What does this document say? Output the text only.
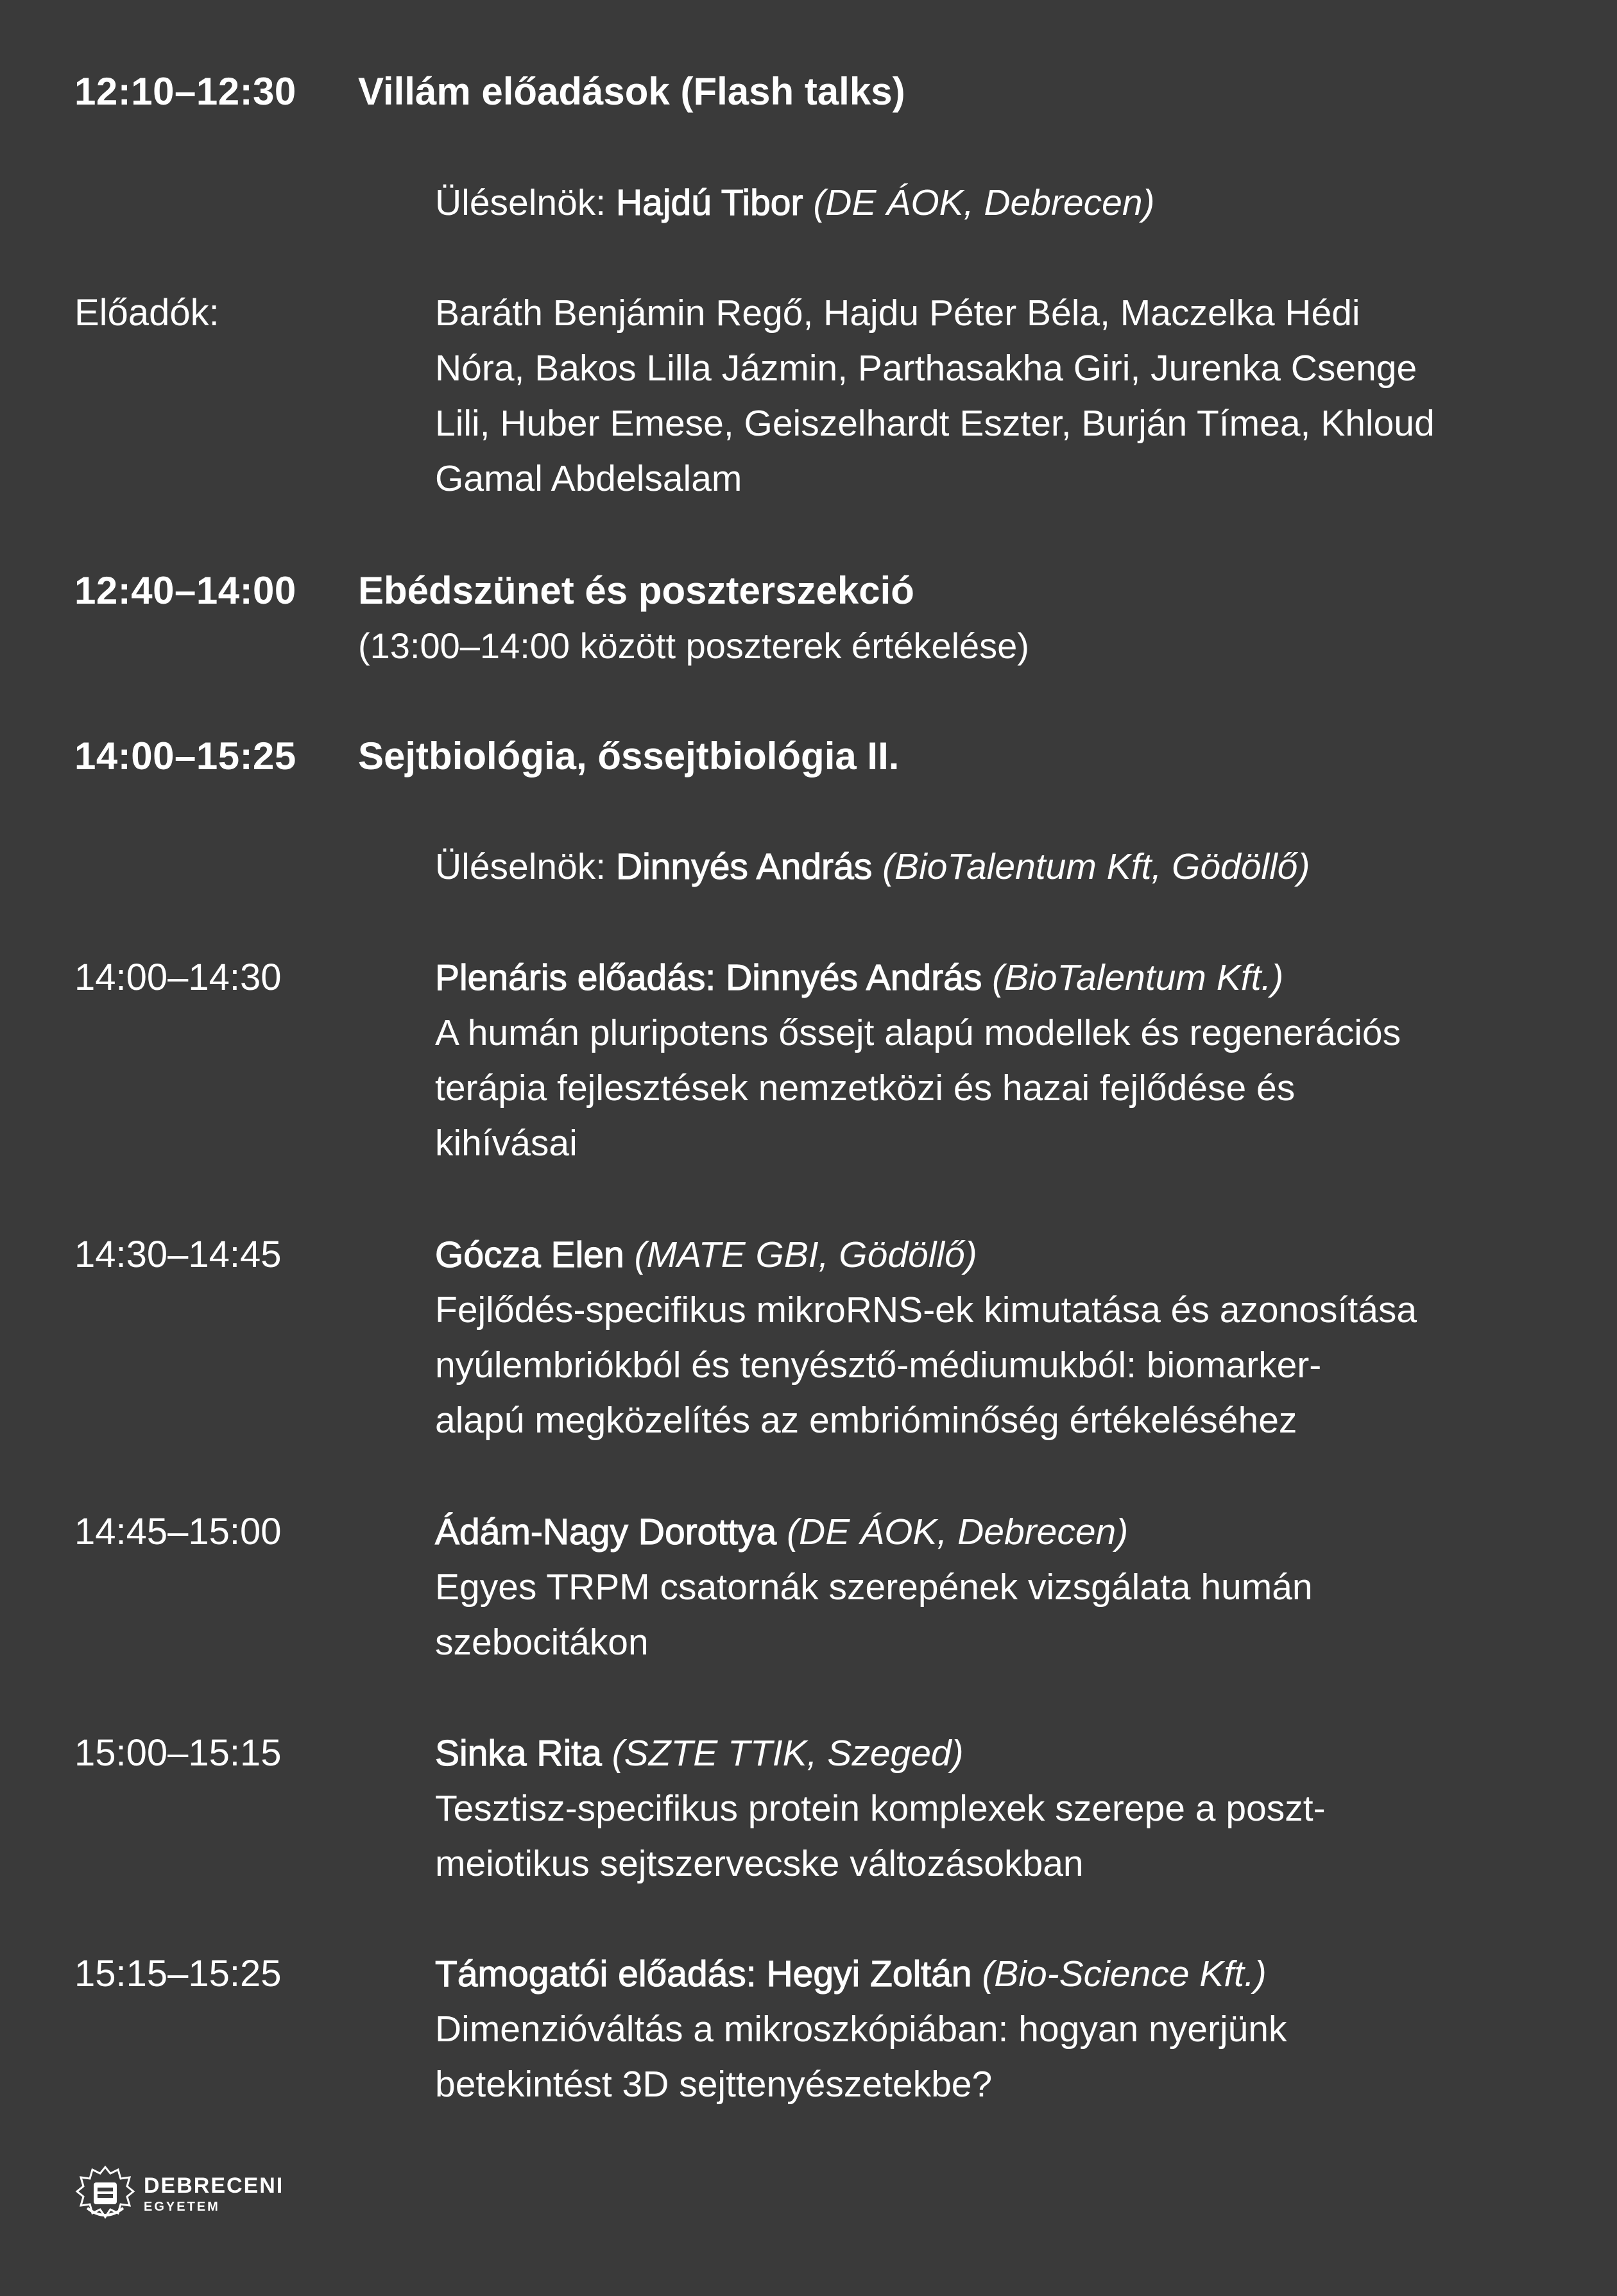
12:10–12:30 Villám előadások (Flash talks)
Üléselnök: Hajdú Tibor (DE ÁOK, Debrecen)
Előadók:	Baráth Benjámin Regő, Hajdu Péter Béla, Maczelka Hédi
Nóra, Bakos Lilla Jázmin, Parthasakha Giri, Jurenka Csenge
Lili, Huber Emese, Geiszelhardt Eszter, Burján Tímea, Khloud
Gamal Abdelsalam
12:40–14:00 Ebédszünet és poszterszekció
(13:00–14:00 között poszterek értékelése)
14:00–15:25 Sejtbiológia, őssejtbiológia II.
Üléselnök: Dinnyés András (BioTalentum Kft, Gödöllő)
14:00–14:30	Plenáris előadás: Dinnyés András (BioTalentum Kft.)
A humán pluripotens őssejt alapú modellek és regenerációs
terápia fejlesztések nemzetközi és hazai fejlődése és
kihívásai
14:30–14:45	Gócza Elen (MATE GBI, Gödöllő)
Fejlődés-specifikus mikroRNS-ek kimutatása és azonosítása
nyúlembriókból és tenyésztő-médiumukból: biomarker-
alapú megközelítés az embrióminőség értékeléséhez
14:45–15:00	Ádám-Nagy Dorottya (DE ÁOK, Debrecen)
Egyes TRPM csatornák szerepének vizsgálata humán
szebocitákon
15:00–15:15	Sinka Rita (SZTE TTIK, Szeged)
Tesztisz-specifikus protein komplexek szerepe a poszt-
meiotikus sejtszervecske változásokban
15:15–15:25	Támogatói előadás: Hegyi Zoltán (Bio-Science Kft.)
Dimenzióváltás a mikroszkópiában: hogyan nyerjünk
betekintést 3D sejttenyészetekbe?
DEBRECENI
EGYETEM
